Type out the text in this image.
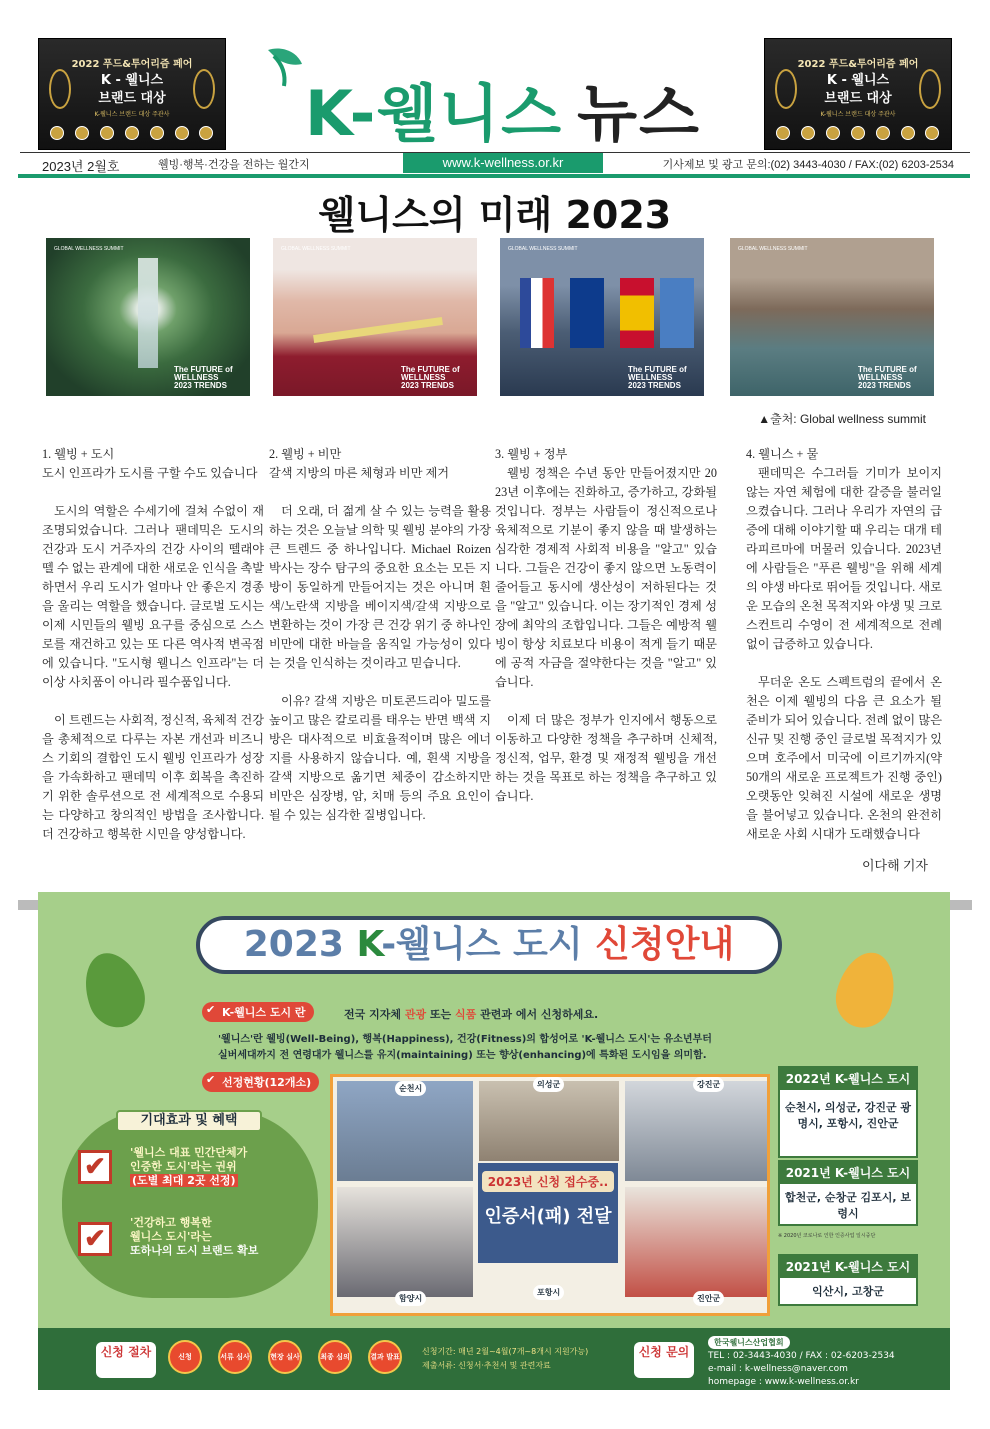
2022 푸드&투어리즘 페어
K - 웰니스
브랜드 대상
K-웰니스 브랜드 대상 주관사
2022 푸드&투어리즘 페어
K - 웰니스
브랜드 대상
K-웰니스 브랜드 대상 주관사
K-웰니스 뉴스
2023년 2월호	웰빙·행복·건강을 전하는 월간지	www.k-wellness.or.kr	기사제보 및 광고 문의:(02) 3443-4030 / FAX:(02) 6203-2534
웰니스의 미래 2023
GLOBAL WELLNESS SUMMIT
The FUTURE of WELLNESS 2023 TRENDS
GLOBAL WELLNESS SUMMIT
The FUTURE of WELLNESS 2023 TRENDS
GLOBAL WELLNESS SUMMIT
The FUTURE of WELLNESS 2023 TRENDS
GLOBAL WELLNESS SUMMIT
The FUTURE of WELLNESS 2023 TRENDS
▲출처: Global wellness summit
1. 웰빙 + 도시
도시 인프라가 도시를 구할 수도 있습니다

도시의 역할은 수세기에 걸쳐 수없이 재조명되었습니다. 그러나 팬데믹은 도시의 건강과 도시 거주자의 건강 사이의 뗄래야 뗄 수 없는 관계에 대한 새로운 인식을 촉발하면서 우리 도시가 얼마나 안 좋은지 경종을 울리는 역할을 했습니다. 글로벌 도시는 이제 시민들의 웰빙 요구를 중심으로 스스로를 재건하고 있는 또 다른 역사적 변곡점에 있습니다. "도시형 웰니스 인프라"는 더 이상 사치품이 아니라 필수품입니다.

이 트렌드는 사회적, 정신적, 육체적 건강을 총체적으로 다루는 자본 개선과 비즈니스 기회의 결합인 도시 웰빙 인프라가 성장을 가속화하고 팬데믹 이후 회복을 촉진하기 위한 솔루션으로 전 세계적으로 수용되는 다양하고 창의적인 방법을 조사합니다. 더 건강하고 행복한 시민을 양성합니다.

2. 웰빙 + 비만
갈색 지방의 마른 체형과 비만 제거

더 오래, 더 젊게 살 수 있는 능력을 활용하는 것은 오늘날 의학 및 웰빙 분야의 가장 큰 트렌드 중 하나입니다. Michael Roizen 박사는 장수 탐구의 중요한 요소는 모든 지방이 동일하게 만들어지는 것은 아니며 흰색/노란색 지방을 베이지색/갈색 지방으로 변환하는 것이 가장 큰 건강 위기 중 하나인 비만에 대한 바늘을 움직일 가능성이 있다는 것을 인식하는 것이라고 믿습니다.

이유? 갈색 지방은 미토콘드리아 밀도를 높이고 많은 칼로리를 태우는 반면 백색 지방은 대사적으로 비효율적이며 많은 에너지를 사용하지 않습니다. 예, 흰색 지방을 갈색 지방으로 옮기면 체중이 감소하지만 비만은 심장병, 암, 치매 등의 주요 요인이 될 수 있는 심각한 질병입니다.

3. 웰빙 + 정부

웰빙 정책은 수년 동안 만들어졌지만 2023년 이후에는 진화하고, 증가하고, 강화될 것입니다. 정부는 사람들이 정신적으로나 육체적으로 기분이 좋지 않을 때 발생하는 심각한 경제적 사회적 비용을 "알고" 있습니다. 그들은 건강이 좋지 않으면 노동력이 줄어들고 동시에 생산성이 저하된다는 것을 "알고" 있습니다. 이는 장기적인 경제 성장에 최악의 조합입니다. 그들은 예방적 웰빙이 항상 치료보다 비용이 적게 들기 때문에 공적 자금을 절약한다는 것을 "알고" 있습니다.

이제 더 많은 정부가 인지에서 행동으로 이동하고 다양한 정책을 추구하며 신체적, 정신적, 업무, 환경 및 재정적 웰빙을 개선하는 것을 목표로 하는 정책을 추구하고 있습니다.

4. 웰니스 + 물

팬데믹은 수그러들 기미가 보이지 않는 자연 체험에 대한 갈증을 불러일으켰습니다. 그러나 우리가 자연의 급증에 대해 이야기할 때 우리는 대개 테라피르마에 머물러 있습니다. 2023년에 사람들은 "푸른 웰빙"을 위해 세계의 야생 바다로 뛰어들 것입니다. 새로운 모습의 온천 목적지와 야생 및 크로스컨트리 수영이 전 세계적으로 전례 없이 급증하고 있습니다.

무더운 온도 스펙트럼의 끝에서 온천은 이제 웰빙의 다음 큰 요소가 될 준비가 되어 있습니다. 전례 없이 많은 신규 및 진행 중인 글로벌 목적지가 있으며 호주에서 미국에 이르기까지(약 50개의 새로운 프로젝트가 진행 중인) 오랫동안 잊혀진 시설에 새로운 생명을 불어넣고 있습니다. 온천의 완전히 새로운 사회 시대가 도래했습니다

이다해 기자
2023 K-웰니스 도시 신청안내
✔ K-웰니스 도시 란	전국 지자체 관광 또는 식품 관련과 에서 신청하세요.
'웰니스'란 웰빙(Well-Being), 행복(Happiness), 건강(Fitness)의 합성어로 'K-웰니스 도시'는 유소년부터
실버세대까지 전 연령대가 웰니스를 유지(maintaining) 또는 향상(enhancing)에 특화된 도시임을 의미함.
✔ 선정현황(12개소)
2023년 신청 접수중..
인증서(패) 전달
순천시	의성군	강진군
함양시
포항시
진안군
기대효과 및 혜택
✔	'웰니스 대표 민간단체가
인증한 도시'라는 권위
(도별 최대 2곳 선정)
✔
'건강하고 행복한
웰니스 도시'라는
또하나의 도시 브랜드 확보
2022년 K-웰니스 도시
순천시, 의성군, 강진군 광명시, 포항시, 진안군
2021년 K-웰니스 도시
합천군, 순창군 김포시, 보령시
※ 2020년 코로나로 인한 인증사업 일시중단
2021년 K-웰니스 도시
익산시, 고창군
신청 절차	신청	서류 심사	현장 실사	최종 심의	결과 발표
신청기간: 매년 2월~4월(7개~8개시 지원가능)
제출서류: 신청서·추천서 및 관련자료
신청 문의
한국웰니스산업협회
TEL : 02-3443-4030 / FAX : 02-6203-2534
e-mail : k-wellness@naver.com
homepage : www.k-wellness.or.kr
